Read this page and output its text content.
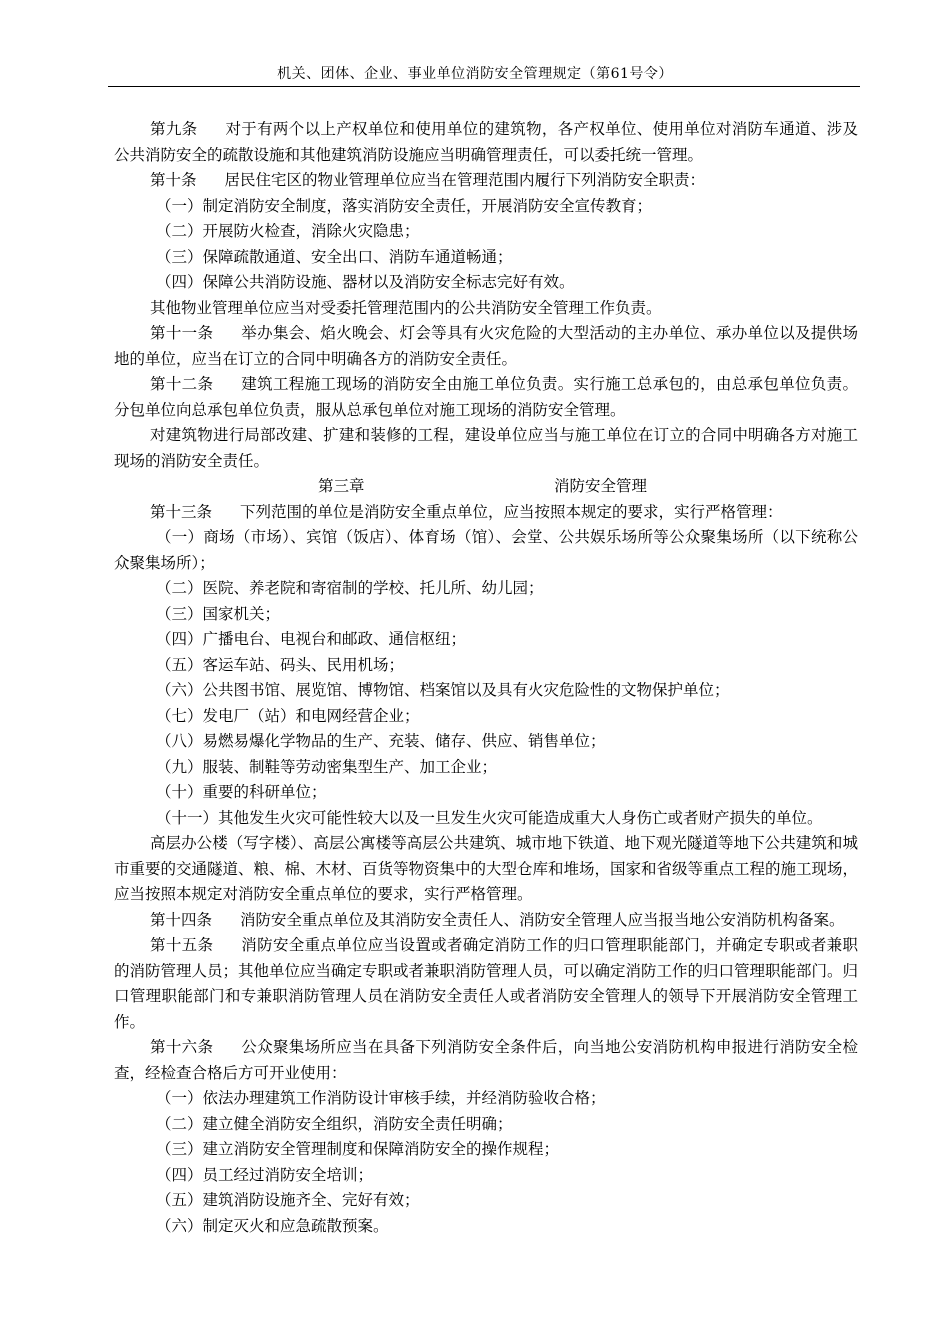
机关、团体、企业、事业单位消防安全管理规定（第61号令）

第九条 对于有两个以上产权单位和使用单位的建筑物，各产权单位、使用单位对消防车通道、涉及公共消防安全的疏散设施和其他建筑消防设施应当明确管理责任，可以委托统一管理。

第十条 居民住宅区的物业管理单位应当在管理范围内履行下列消防安全职责：

（一）制定消防安全制度，落实消防安全责任，开展消防安全宣传教育；

（二）开展防火检查，消除火灾隐患；

（三）保障疏散通道、安全出口、消防车通道畅通；

（四）保障公共消防设施、器材以及消防安全标志完好有效。

其他物业管理单位应当对受委托管理范围内的公共消防安全管理工作负责。

第十一条 举办集会、焰火晚会、灯会等具有火灾危险的大型活动的主办单位、承办单位以及提供场地的单位，应当在订立的合同中明确各方的消防安全责任。

第十二条 建筑工程施工现场的消防安全由施工单位负责。实行施工总承包的，由总承包单位负责。分包单位向总承包单位负责，服从总承包单位对施工现场的消防安全管理。

对建筑物进行局部改建、扩建和装修的工程，建设单位应当与施工单位在订立的合同中明确各方对施工现场的消防安全责任。

第三章	消防安全管理

第十三条 下列范围的单位是消防安全重点单位，应当按照本规定的要求，实行严格管理：

（一）商场（市场）、宾馆（饭店）、体育场（馆）、会堂、公共娱乐场所等公众聚集场所（以下统称公众聚集场所）；

（二）医院、养老院和寄宿制的学校、托儿所、幼儿园；

（三）国家机关；

（四）广播电台、电视台和邮政、通信枢纽；

（五）客运车站、码头、民用机场；

（六）公共图书馆、展览馆、博物馆、档案馆以及具有火灾危险性的文物保护单位；

（七）发电厂（站）和电网经营企业；

（八）易燃易爆化学物品的生产、充装、储存、供应、销售单位；

（九）服装、制鞋等劳动密集型生产、加工企业；

（十）重要的科研单位；

（十一）其他发生火灾可能性较大以及一旦发生火灾可能造成重大人身伤亡或者财产损失的单位。

高层办公楼（写字楼）、高层公寓楼等高层公共建筑、城市地下铁道、地下观光隧道等地下公共建筑和城市重要的交通隧道、粮、棉、木材、百货等物资集中的大型仓库和堆场，国家和省级等重点工程的施工现场，应当按照本规定对消防安全重点单位的要求，实行严格管理。

第十四条 消防安全重点单位及其消防安全责任人、消防安全管理人应当报当地公安消防机构备案。

第十五条 消防安全重点单位应当设置或者确定消防工作的归口管理职能部门，并确定专职或者兼职的消防管理人员；其他单位应当确定专职或者兼职消防管理人员，可以确定消防工作的归口管理职能部门。归口管理职能部门和专兼职消防管理人员在消防安全责任人或者消防安全管理人的领导下开展消防安全管理工作。

第十六条 公众聚集场所应当在具备下列消防安全条件后，向当地公安消防机构申报进行消防安全检查，经检查合格后方可开业使用：

（一）依法办理建筑工作消防设计审核手续，并经消防验收合格；

（二）建立健全消防安全组织，消防安全责任明确；

（三）建立消防安全管理制度和保障消防安全的操作规程；

（四）员工经过消防安全培训；

（五）建筑消防设施齐全、完好有效；

（六）制定灭火和应急疏散预案。
